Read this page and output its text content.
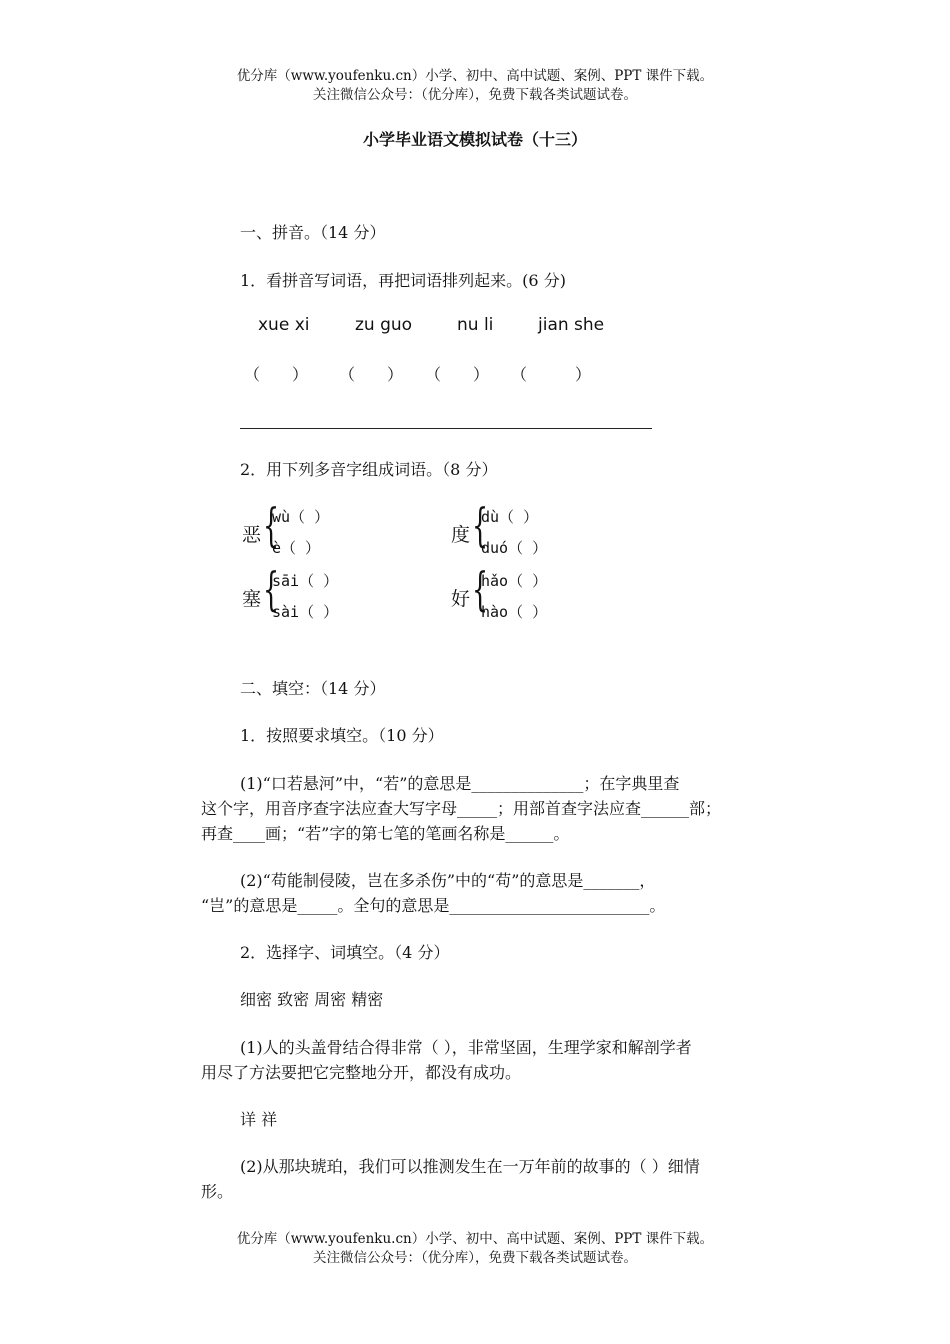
优分库（www.youfenku.cn）小学、初中、高中试题、案例、PPT 课件下载。
关注微信公众号：（优分库），免费下载各类试题试卷。
小学毕业语文模拟试卷（十三）
一、拼音。（14 分）
1．看拼音写词语，再把词语排列起来。(6 分)
xue xi	zu guo	nu li	jian she
（　　） （　　） （　　） （　　　）
2．用下列多音字组成词语。（8 分）
恶 {
wù（ ）
è（ ）
度 {
dù（ ）
duó（ ）
塞 {
sāi（ ）
sài（ ）
好 {
hǎo（ ）
hào（ ）
二、填空：（14 分）
1．按照要求填空。（10 分）
(1)“口若悬河”中，“若”的意思是______________；在字典里查
这个字，用音序查字法应查大写字母_____；用部首查字法应查______部；
再查____画；“若”字的第七笔的笔画名称是______。
(2)“苟能制侵陵，岂在多杀伤”中的“苟”的意思是_______，
“岂”的意思是_____。全句的意思是_________________________。
2．选择字、词填空。（4 分）
细密 致密 周密 精密
(1)人的头盖骨结合得非常（ ），非常坚固，生理学家和解剖学者
用尽了方法要把它完整地分开，都没有成功。
详 祥
(2)从那块琥珀，我们可以推测发生在一万年前的故事的（ ）细情
形。
优分库（www.youfenku.cn）小学、初中、高中试题、案例、PPT 课件下载。
关注微信公众号：（优分库），免费下载各类试题试卷。
